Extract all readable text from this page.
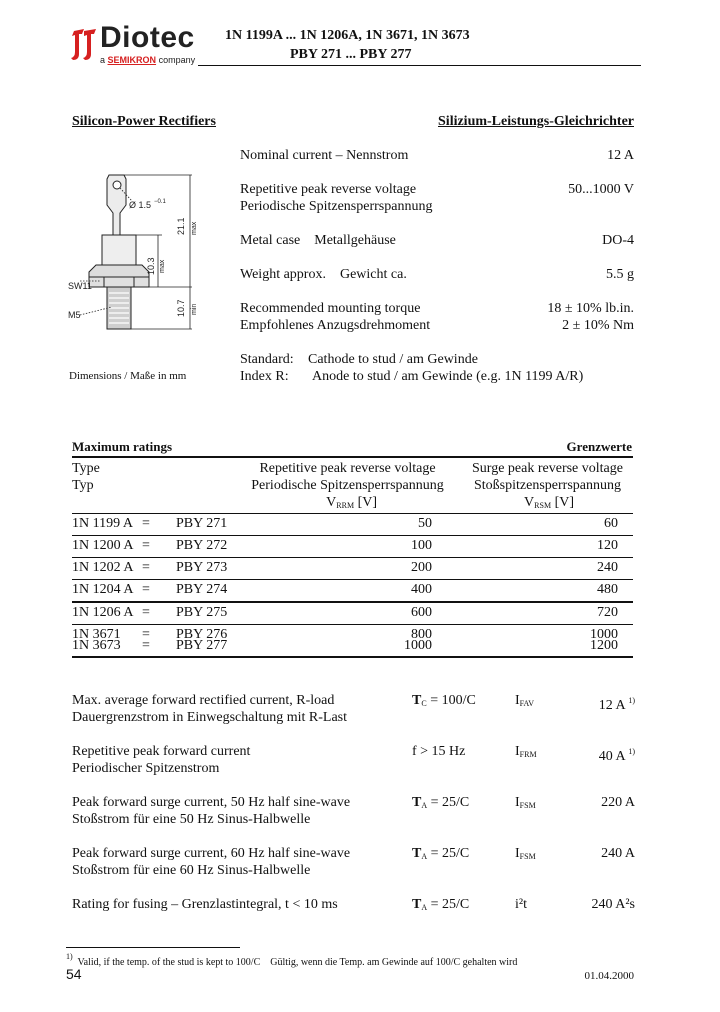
Diotec
a SEMIKRON company
1N 1199A ... 1N 1206A, 1N 3671, 1N 3673
PBY 271 ... PBY 277
Silicon-Power Rectifiers	Silizium-Leistungs-Gleichrichter
Ø 1.5 −0.1
21.1 max
10.3 max
10.7 min
SW11
M5
Dimensions / Maße in mm
Nominal current – Nennstrom	12 A
Repetitive peak reverse voltage
Periodische Spitzensperrspannung
50...1000 V
Metal case    Metallgehäuse	DO-4
Weight approx.    Gewicht ca.	5.5 g
Recommended mounting torque
Empfohlenes Anzugsdrehmoment
18 ± 10% lb.in.
2 ± 10% Nm
Standard: Cathode to stud / am Gewinde
Index R: Anode to stud / am Gewinde (e.g. 1N 1199 A/R)
Maximum ratings	Grenzwerte
Type
Typ
Repetitive peak reverse voltage
Periodische Spitzensperrspannung
$V_{RRM}$ [V]
Surge peak reverse voltage
Stoßspitzensperrspannung
$V_{RSM}$ [V]
1N 1199 A = PBY 271	50	60
1N 1200 A = PBY 272	100	120
1N 1202 A = PBY 273	200	240
1N 1204 A = PBY 274	400	480
1N 1206 A = PBY 275	600	720
1N 3671 = PBY 276	800	1000
1N 3673 = PBY 277	1000	1200
Max. average forward rectified current, R-load
Dauergrenzstrom in Einwegschaltung mit R-Last
$T_C = 100/C$	$I_{FAV}$	12 A $^{1)}$
Repetitive peak forward current
Periodischer Spitzenstrom
f > 15 Hz	$I_{FRM}$	40 A $^{1)}$
Peak forward surge current, 50 Hz half sine-wave
Stoßstrom für eine 50 Hz Sinus-Halbwelle
$T_A = 25/C$	$I_{FSM}$	220 A
Peak forward surge current, 60 Hz half sine-wave
Stoßstrom für eine 60 Hz Sinus-Halbwelle
$T_A = 25/C$	$I_{FSM}$	240 A
Rating for fusing – Grenzlastintegral, t < 10 ms	$T_A = 25/C$	i²t	240 A²s
$^{1)}$  Valid, if the temp. of the stud is kept to 100/C    Gültig, wenn die Temp. am Gewinde auf 100/C gehalten wird
54	01.04.2000
